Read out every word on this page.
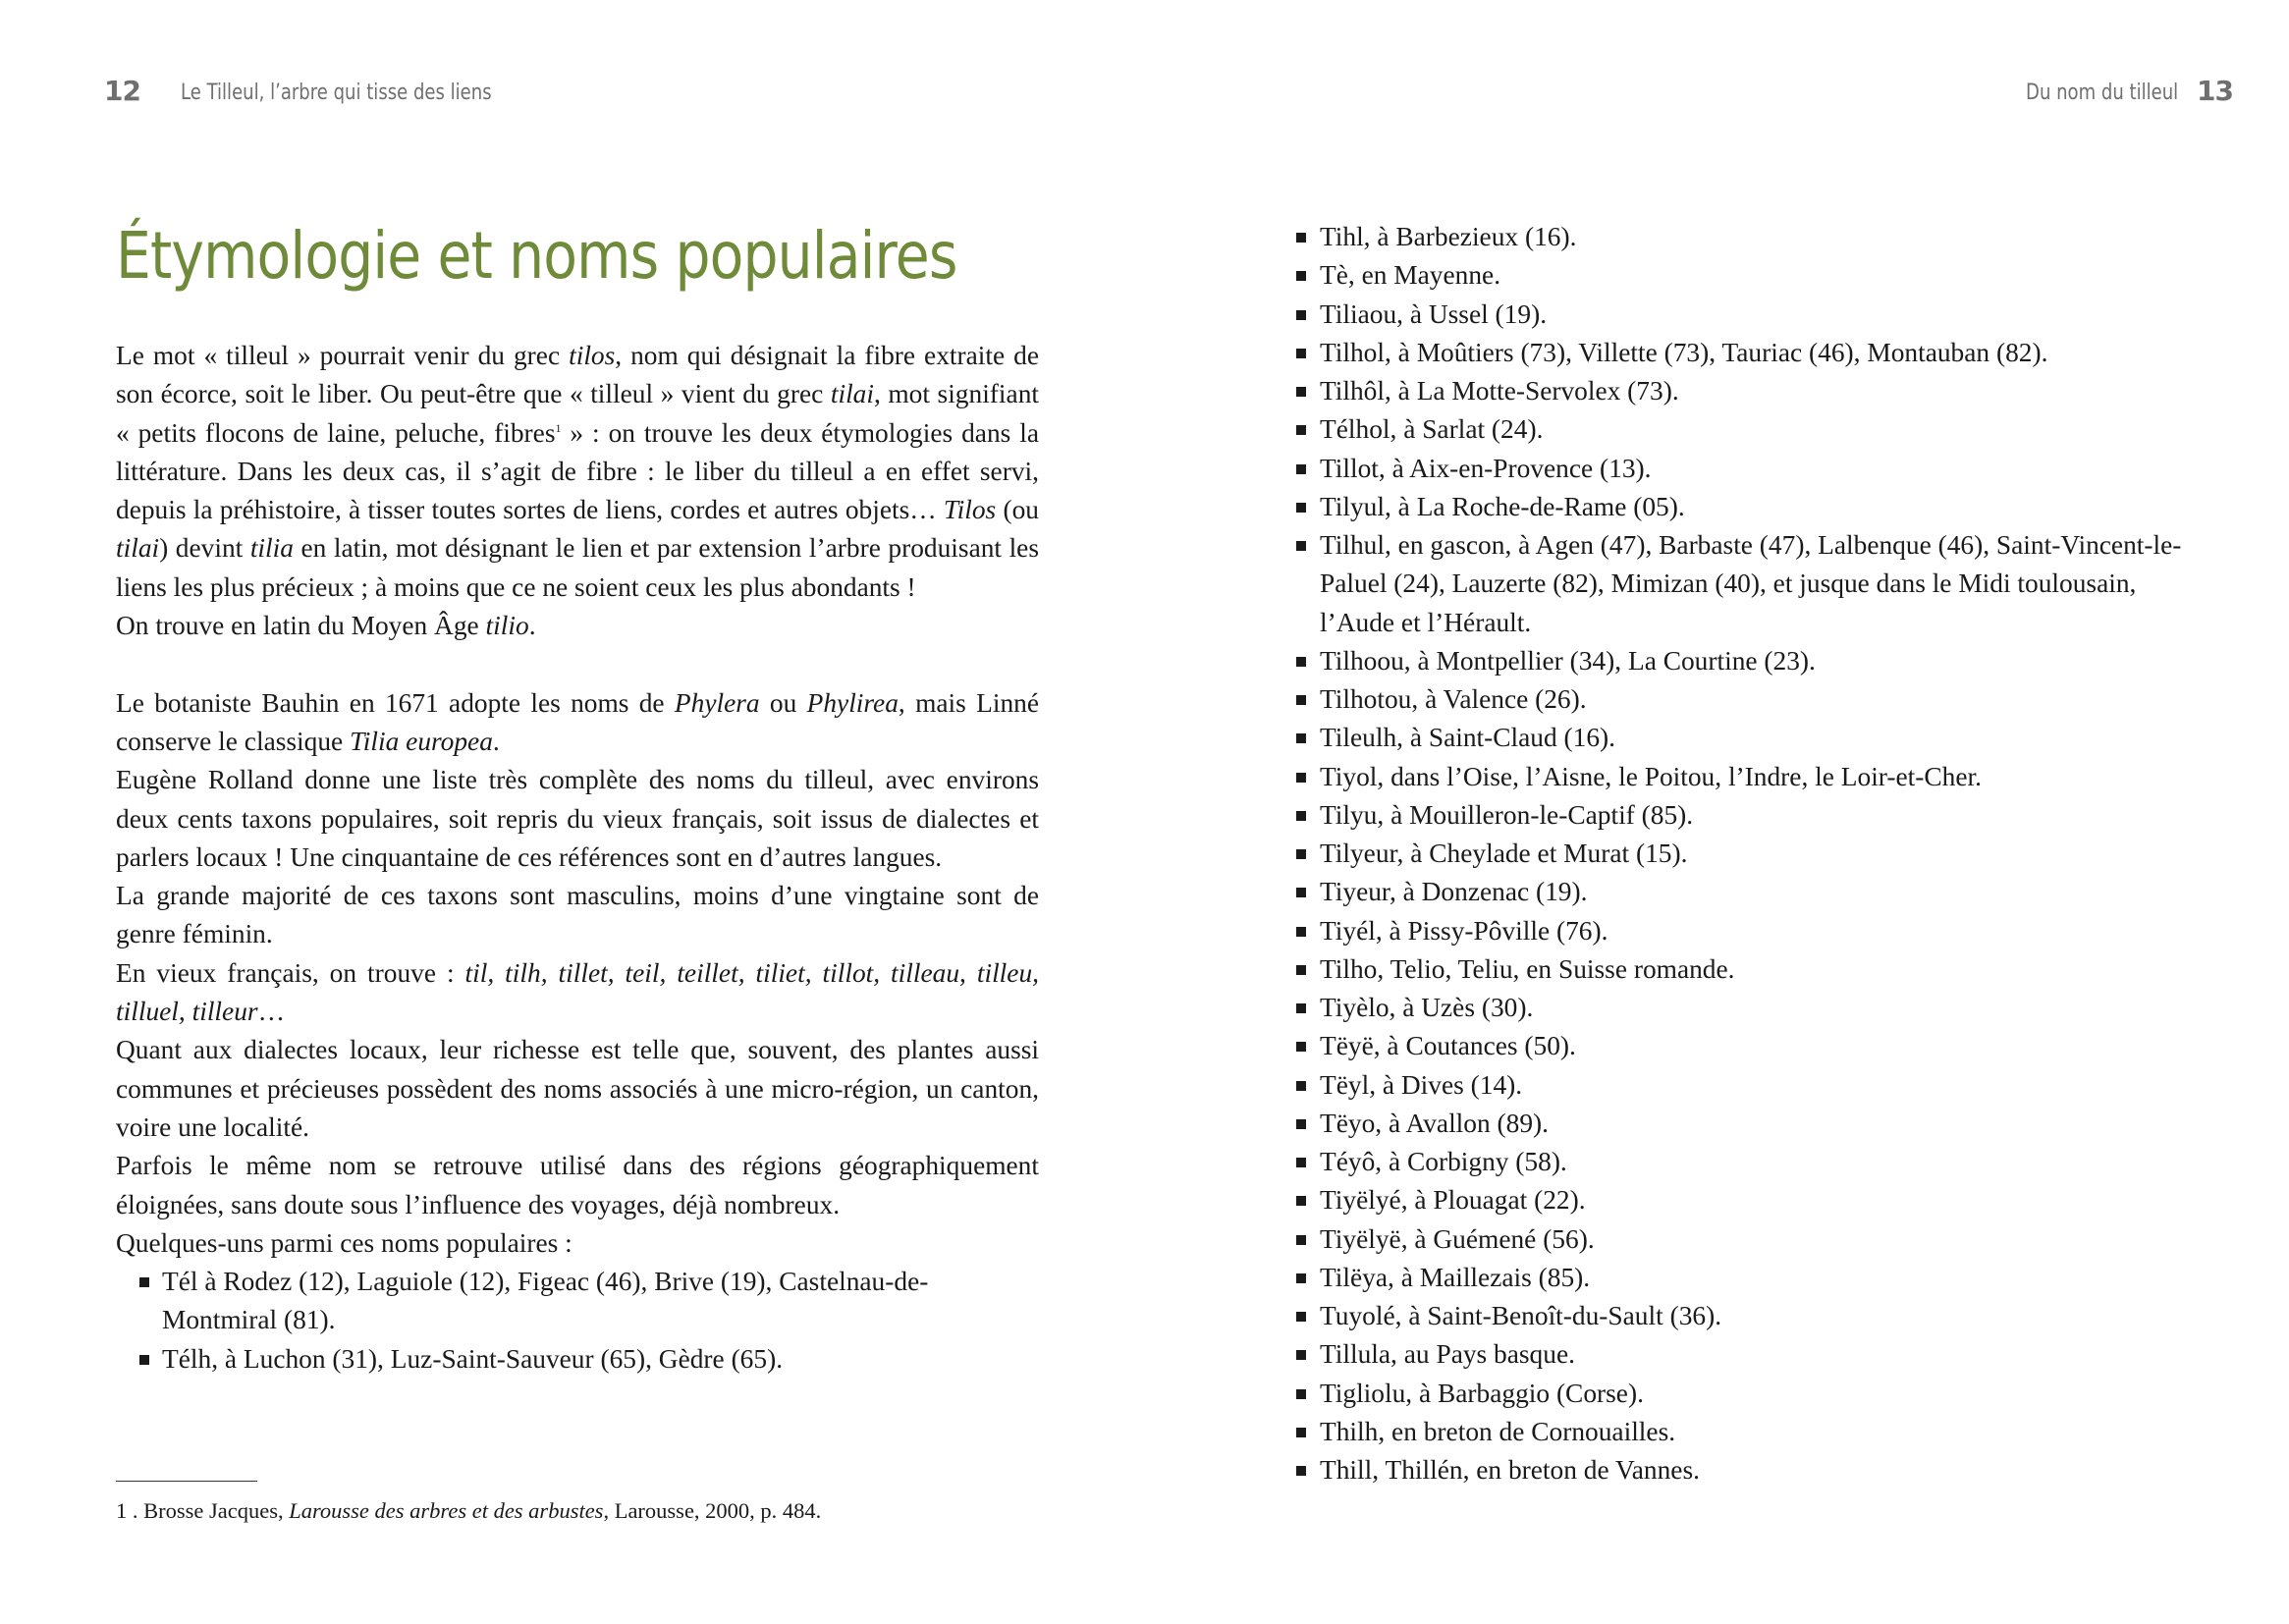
12 Le Tilleul, l’arbre qui tisse des liens
Étymologie et noms populaires

Le mot « tilleul » pourrait venir du grec tilos, nom qui désignait la fibre extraite de son écorce, soit le liber. Ou peut-être que « tilleul » vient du grec tilai, mot signifiant « petits flocons de laine, peluche, fibres$^1$ » : on trouve les deux étymologies dans la littérature. Dans les deux cas, il s’agit de fibre : le liber du tilleul a en effet servi, depuis la préhistoire, à tisser toutes sortes de liens, cordes et autres objets… Tilos (ou tilai) devint tilia en latin, mot désignant le lien et par extension l’arbre produisant les liens les plus précieux ; à moins que ce ne soient ceux les plus abondants !

On trouve en latin du Moyen Âge tilio.

Le botaniste Bauhin en 1671 adopte les noms de Phylera ou Phylirea, mais Linné conserve le classique Tilia europea.

Eugène Rolland donne une liste très complète des noms du tilleul, avec environs deux cents taxons populaires, soit repris du vieux français, soit issus de dialectes et parlers locaux ! Une cinquantaine de ces références sont en d’autres langues.

La grande majorité de ces taxons sont masculins, moins d’une vingtaine sont de genre féminin.

En vieux français, on trouve : til, tilh, tillet, teil, teillet, tiliet, tillot, tilleau, tilleu, tilluel, tilleur…

Quant aux dialectes locaux, leur richesse est telle que, souvent, des plantes aussi communes et précieuses possèdent des noms associés à une micro-région, un canton, voire une localité.

Parfois le même nom se retrouve utilisé dans des régions géographiquement éloignées, sans doute sous l’influence des voyages, déjà nombreux.

Quelques-uns parmi ces noms populaires :

Tél à Rodez (12), Laguiole (12), Figeac (46), Brive (19), Castelnau-de-Montmiral (81).
Télh, à Luchon (31), Luz-Saint-Sauveur (65), Gèdre (65).
1 . Brosse Jacques, Larousse des arbres et des arbustes, Larousse, 2000, p. 484.
Du nom du tilleul 13
Tihl, à Barbezieux (16).
Tè, en Mayenne.
Tiliaou, à Ussel (19).
Tilhol, à Moûtiers (73), Villette (73), Tauriac (46), Montauban (82).
Tilhôl, à La Motte-Servolex (73).
Télhol, à Sarlat (24).
Tillot, à Aix-en-Provence (13).
Tilyul, à La Roche-de-Rame (05).
Tilhul, en gascon, à Agen (47), Barbaste (47), Lalbenque (46), Saint-Vincent-le-Paluel (24), Lauzerte (82), Mimizan (40), et jusque dans le Midi toulousain, l’Aude et l’Hérault.
Tilhoou, à Montpellier (34), La Courtine (23).
Tilhotou, à Valence (26).
Tileulh, à Saint-Claud (16).
Tiyol, dans l’Oise, l’Aisne, le Poitou, l’Indre, le Loir-et-Cher.
Tilyu, à Mouilleron-le-Captif (85).
Tilyeur, à Cheylade et Murat (15).
Tiyeur, à Donzenac (19).
Tiyél, à Pissy-Pôville (76).
Tilho, Telio, Teliu, en Suisse romande.
Tiyèlo, à Uzès (30).
Tëyë, à Coutances (50).
Tëyl, à Dives (14).
Tëyo, à Avallon (89).
Téyô, à Corbigny (58).
Tiyëlyé, à Plouagat (22).
Tiyëlyë, à Guémené (56).
Tilëya, à Maillezais (85).
Tuyolé, à Saint-Benoît-du-Sault (36).
Tillula, au Pays basque.
Tigliolu, à Barbaggio (Corse).
Thilh, en breton de Cornouailles.
Thill, Thillén, en breton de Vannes.
